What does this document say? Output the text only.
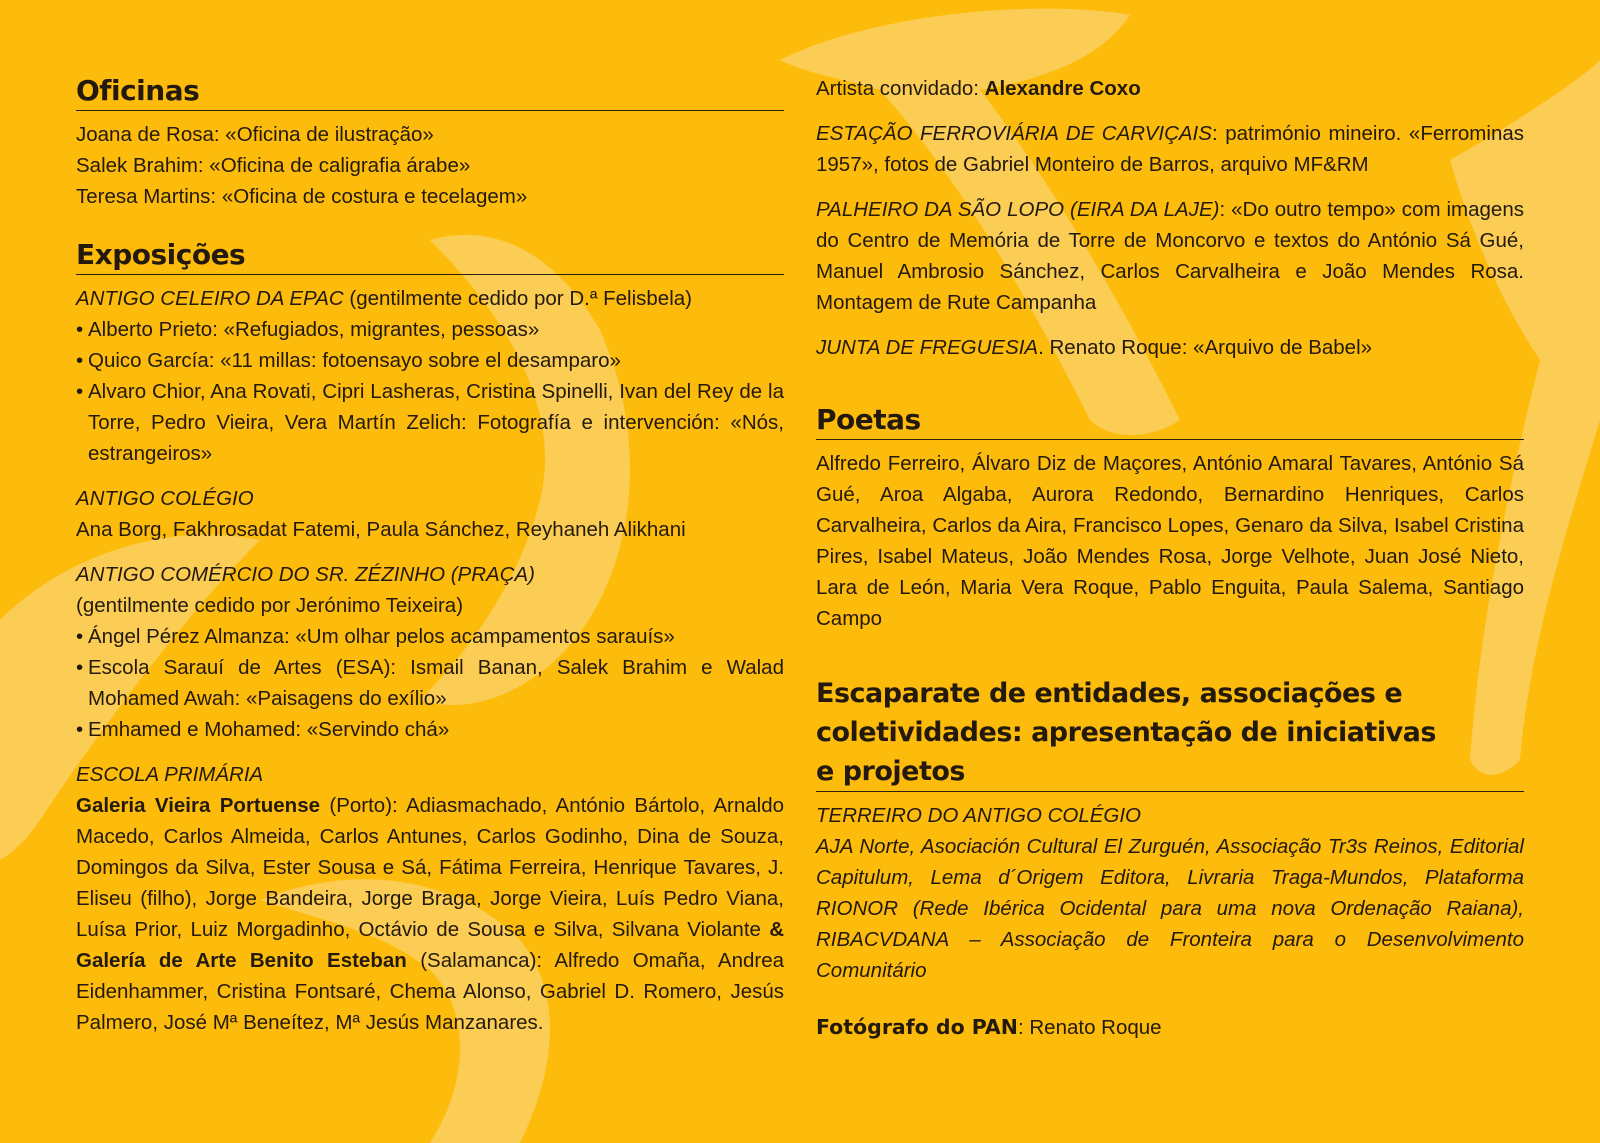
Oficinas

Joana de Rosa: «Oficina de ilustração»

Salek Brahim: «Oficina de caligrafia árabe»

Teresa Martins: «Oficina de costura e tecelagem»

Exposições

ANTIGO CELEIRO DA EPAC (gentilmente cedido por D.ª Felisbela)

• Alberto Prieto: «Refugiados, migrantes, pessoas»
• Quico García: «11 millas: fotoensayo sobre el desamparo»
• Alvaro Chior, Ana Rovati, Cipri Lasheras, Cristina Spinelli, Ivan del Rey de la Torre, Pedro Vieira, Vera Martín Zelich: Fotografía e intervención: «Nós, estrangeiros»

ANTIGO COLÉGIO

Ana Borg, Fakhrosadat Fatemi, Paula Sánchez, Reyhaneh Alikhani

ANTIGO COMÉRCIO DO SR. ZÉZINHO (PRAÇA)

(gentilmente cedido por Jerónimo Teixeira)

• Ángel Pérez Almanza: «Um olhar pelos acampamentos sarauís»
• Escola Sarauí de Artes (ESA): Ismail Banan, Salek Brahim e Walad Mohamed Awah: «Paisagens do exílio»
• Emhamed e Mohamed: «Servindo chá»

ESCOLA PRIMÁRIA

Galeria Vieira Portuense (Porto): Adiasmachado, António Bártolo, Arnaldo Macedo, Carlos Almeida, Carlos Antunes, Carlos Godinho, Dina de Souza, Domingos da Silva, Ester Sousa e Sá, Fátima Ferreira, Henrique Tavares, J. Eliseu (filho), Jorge Bandeira, Jorge Braga, Jorge Vieira, Luís Pedro Viana, Luísa Prior, Luiz Morgadinho, Octávio de Sousa e Silva, Silvana Violante & Galería de Arte Benito Esteban (Salamanca): Alfredo Omaña, Andrea Eidenhammer, Cristina Fontsaré, Chema Alonso, Gabriel D. Romero, Jesús Palmero, José Mª Beneítez, Mª Jesús Manzanares.

Artista convidado: Alexandre Coxo

ESTAÇÃO FERROVIÁRIA DE CARVIÇAIS: património mineiro. «Ferrominas 1957», fotos de Gabriel Monteiro de Barros, arquivo MF&RM

PALHEIRO DA SÃO LOPO (EIRA DA LAJE): «Do outro tempo» com imagens do Centro de Memória de Torre de Moncorvo e textos do António Sá Gué, Manuel Ambrosio Sánchez, Carlos Carvalheira e João Mendes Rosa. Montagem de Rute Campanha

JUNTA DE FREGUESIA. Renato Roque: «Arquivo de Babel»

Poetas

Alfredo Ferreiro, Álvaro Diz de Maçores, António Amaral Tavares, António Sá Gué, Aroa Algaba, Aurora Redondo, Bernardino Henriques, Carlos Carvalheira, Carlos da Aira, Francisco Lopes, Genaro da Silva, Isabel Cristina Pires, Isabel Mateus, João Mendes Rosa, Jorge Velhote, Juan José Nieto, Lara de León, Maria Vera Roque, Pablo Enguita, Paula Salema, Santiago Campo

Escaparate de entidades, associações e coletividades: apresentação de iniciativas e projetos

TERREIRO DO ANTIGO COLÉGIO

AJA Norte, Asociación Cultural El Zurguén, Associação Tr3s Reinos, Editorial Capitulum, Lema d´Origem Editora, Livraria Traga-Mundos, Plataforma RIONOR (Rede Ibérica Ocidental para uma nova Ordenação Raiana), RIBACVDANA – Associação de Fronteira para o Desenvolvimento Comunitário

Fotógrafo do PAN: Renato Roque
